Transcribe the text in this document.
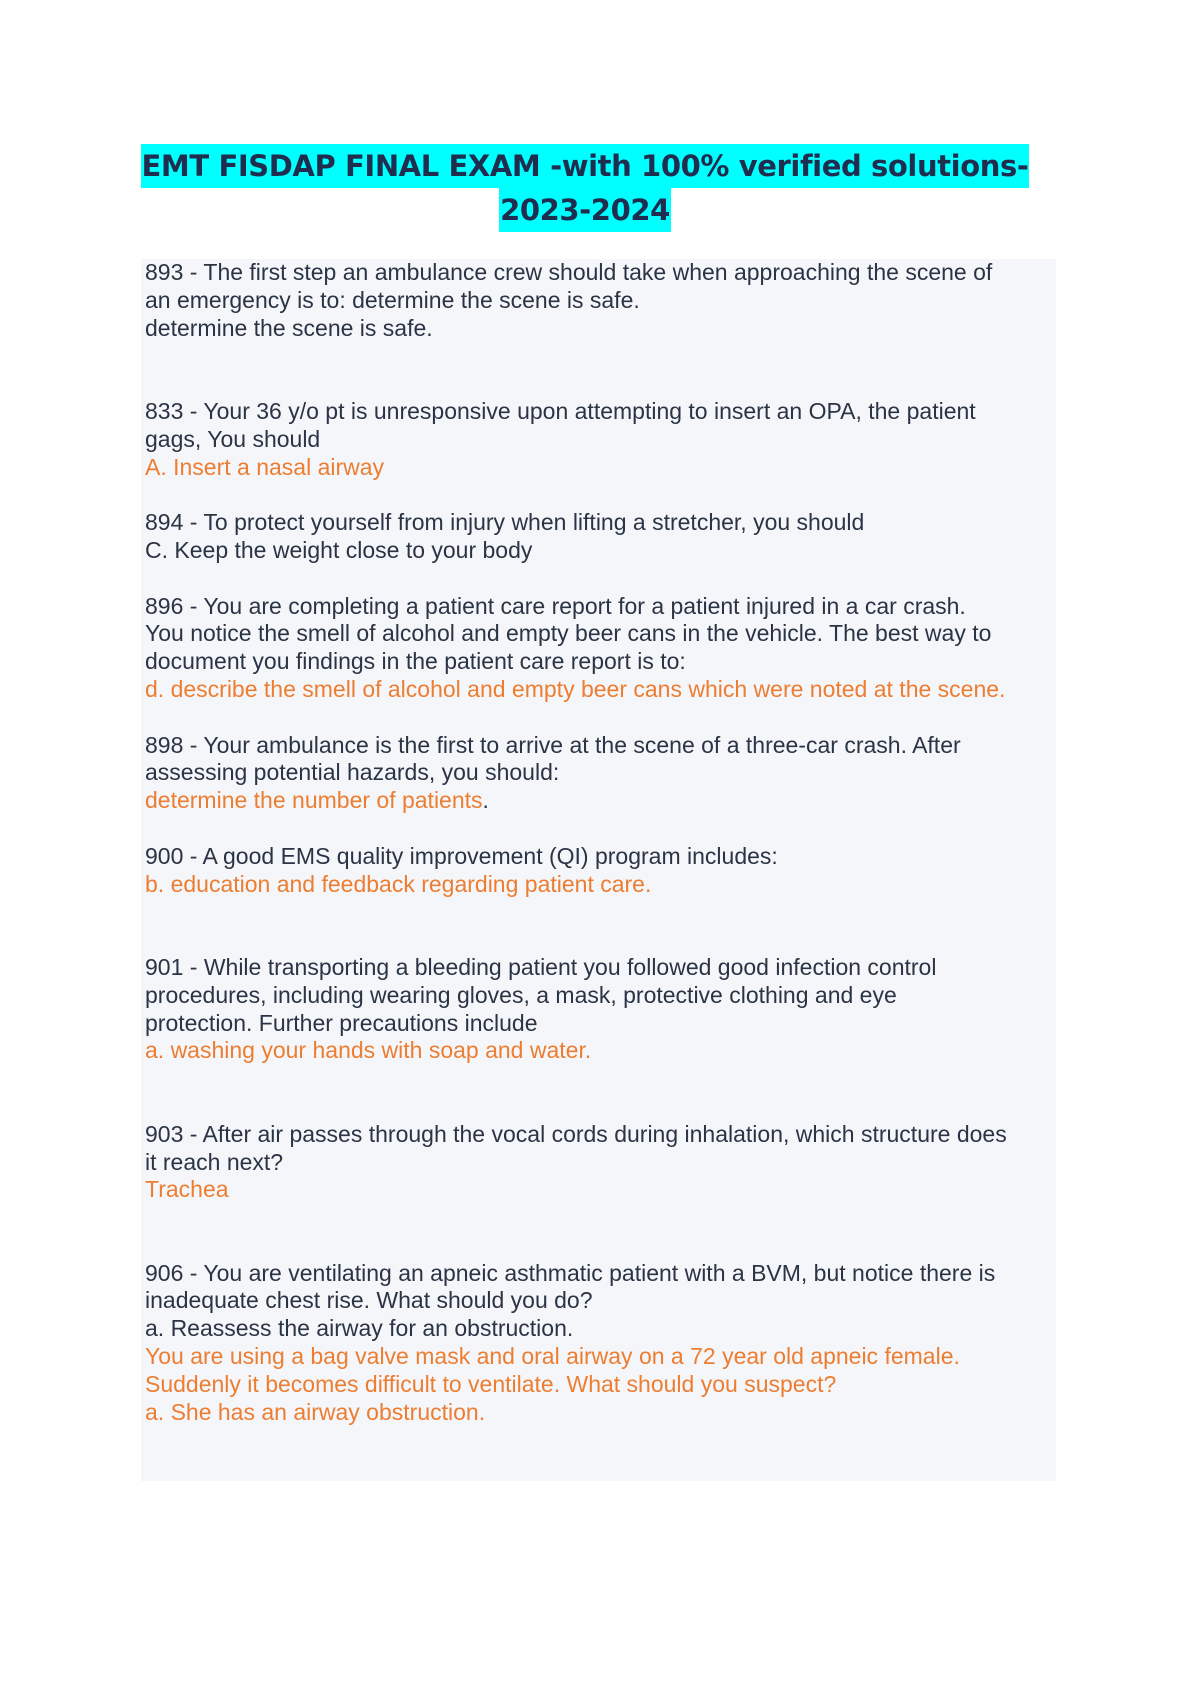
EMT FISDAP FINAL EXAM -with 100% verified solutions-
2023-2024
893 - The first step an ambulance crew should take when approaching the scene of
an emergency is to: determine the scene is safe.
determine the scene is safe.
833 - Your 36 y/o pt is unresponsive upon attempting to insert an OPA, the patient
gags, You should
A. Insert a nasal airway
894 - To protect yourself from injury when lifting a stretcher, you should
C. Keep the weight close to your body
896 - You are completing a patient care report for a patient injured in a car crash.
You notice the smell of alcohol and empty beer cans in the vehicle. The best way to
document you findings in the patient care report is to:
d. describe the smell of alcohol and empty beer cans which were noted at the scene.
898 - Your ambulance is the first to arrive at the scene of a three-car crash. After
assessing potential hazards, you should:
determine the number of patients.
900 - A good EMS quality improvement (QI) program includes:
b. education and feedback regarding patient care.
901 - While transporting a bleeding patient you followed good infection control
procedures, including wearing gloves, a mask, protective clothing and eye
protection. Further precautions include
a. washing your hands with soap and water.
903 - After air passes through the vocal cords during inhalation, which structure does
it reach next?
Trachea
906 - You are ventilating an apneic asthmatic patient with a BVM, but notice there is
inadequate chest rise. What should you do?
a. Reassess the airway for an obstruction.
You are using a bag valve mask and oral airway on a 72 year old apneic female.
Suddenly it becomes difficult to ventilate. What should you suspect?
a. She has an airway obstruction.
